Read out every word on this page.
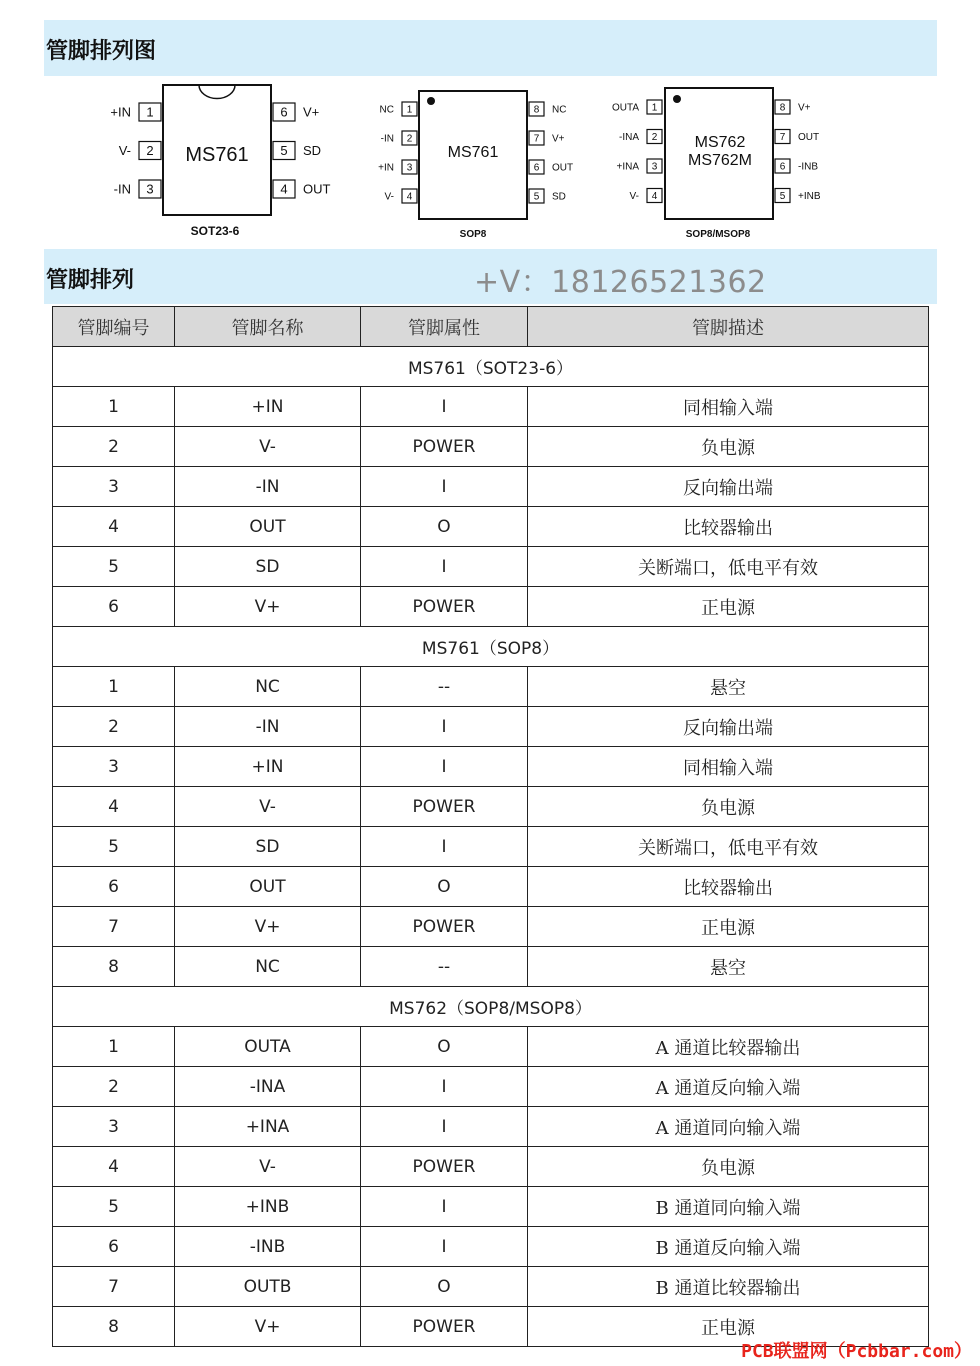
管脚排列图
MS761
SOT23-6
1
+IN
2
V-
3
-IN
6 V+
5 SD
4 OUT
MS761
SOP8
1
NC
2
-IN
3
+IN
4
V-
8 NC
7 V+
6 OUT
5 SD
MS762
MS762M
SOP8/MSOP8
1
OUTA
2
-INA
3
+INA
4
V-
8 V+
7 OUT
6 -INB
5 +INB
管脚排列	+V：18126521362
管脚编号	管脚名称	管脚属性	管脚描述
MS761（SOT23-6）			
1	+IN	I	同相输入端
2	V-	POWER	负电源
3	-IN	I	反向输出端
4	OUT	O	比较器输出
5	SD	I	关断端口，低电平有效
6	V+	POWER	正电源
MS761（SOP8）			
1	NC	--	悬空
2	-IN	I	反向输出端
3	+IN	I	同相输入端
4	V-	POWER	负电源
5	SD	I	关断端口，低电平有效
6	OUT	O	比较器输出
7	V+	POWER	正电源
8	NC	--	悬空
MS762（SOP8/MSOP8）			
1	OUTA	O	A 通道比较器输出
2	-INA	I	A 通道反向输入端
3	+INA	I	A 通道同向输入端
4	V-	POWER	负电源
5	+INB	I	B 通道同向输入端
6	-INB	I	B 通道反向输入端
7	OUTB	O	B 通道比较器输出
8	V+	POWER	正电源
PCB联盟网（Pcbbar.com）
